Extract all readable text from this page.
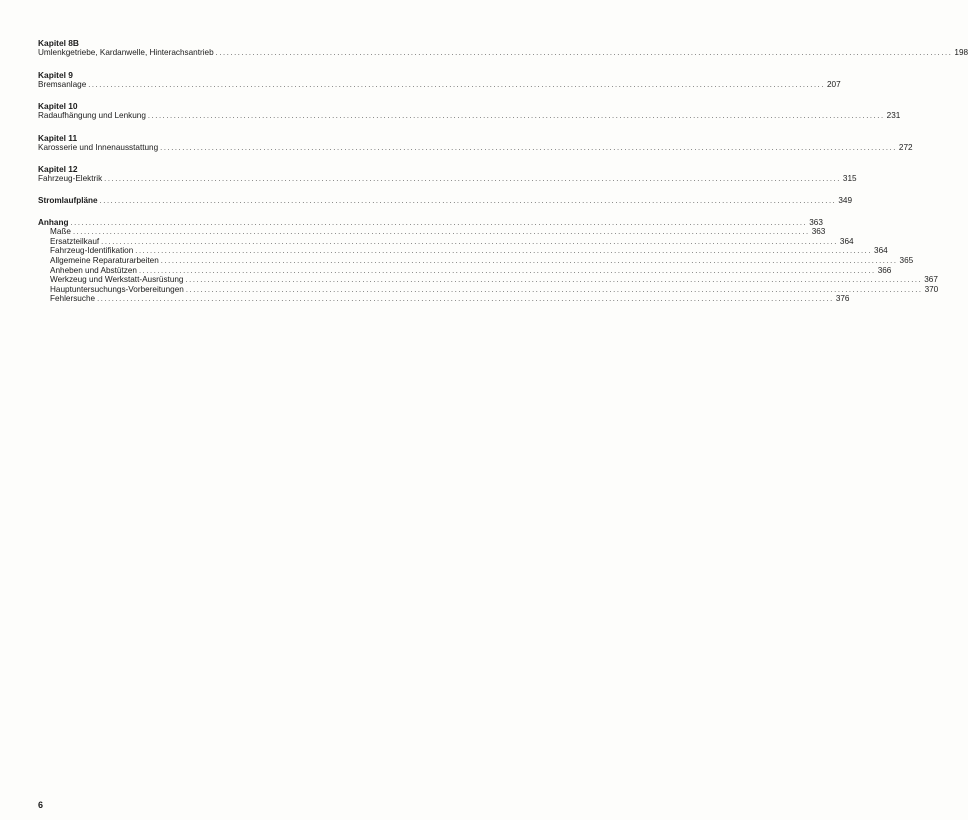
Kapitel 8B
Umlenkgetriebe, Kardanwelle, Hinterachsantrieb ........................................................................................................................................................................................................ 198
Kapitel 9
Bremsanlage ........................................................................................................................................................................................................ 207
Kapitel 10
Radaufhängung und Lenkung ........................................................................................................................................................................................................ 231
Kapitel 11
Karosserie und Innenausstattung ........................................................................................................................................................................................................ 272
Kapitel 12
Fahrzeug-Elektrik ........................................................................................................................................................................................................ 315
Stromlaufpläne ........................................................................................................................................................................................................ 349
Anhang ........................................................................................................................................................................................................ 363
Maße ........................................................................................................................................................................................................ 363
Ersatzteilkauf ........................................................................................................................................................................................................ 364
Fahrzeug-Identifikation ........................................................................................................................................................................................................ 364
Allgemeine Reparaturarbeiten ........................................................................................................................................................................................................ 365
Anheben und Abstützen ........................................................................................................................................................................................................ 366
Werkzeug und Werkstatt-Ausrüstung ........................................................................................................................................................................................................ 367
Hauptuntersuchungs-Vorbereitungen ........................................................................................................................................................................................................ 370
Fehlersuche ........................................................................................................................................................................................................ 376
6
